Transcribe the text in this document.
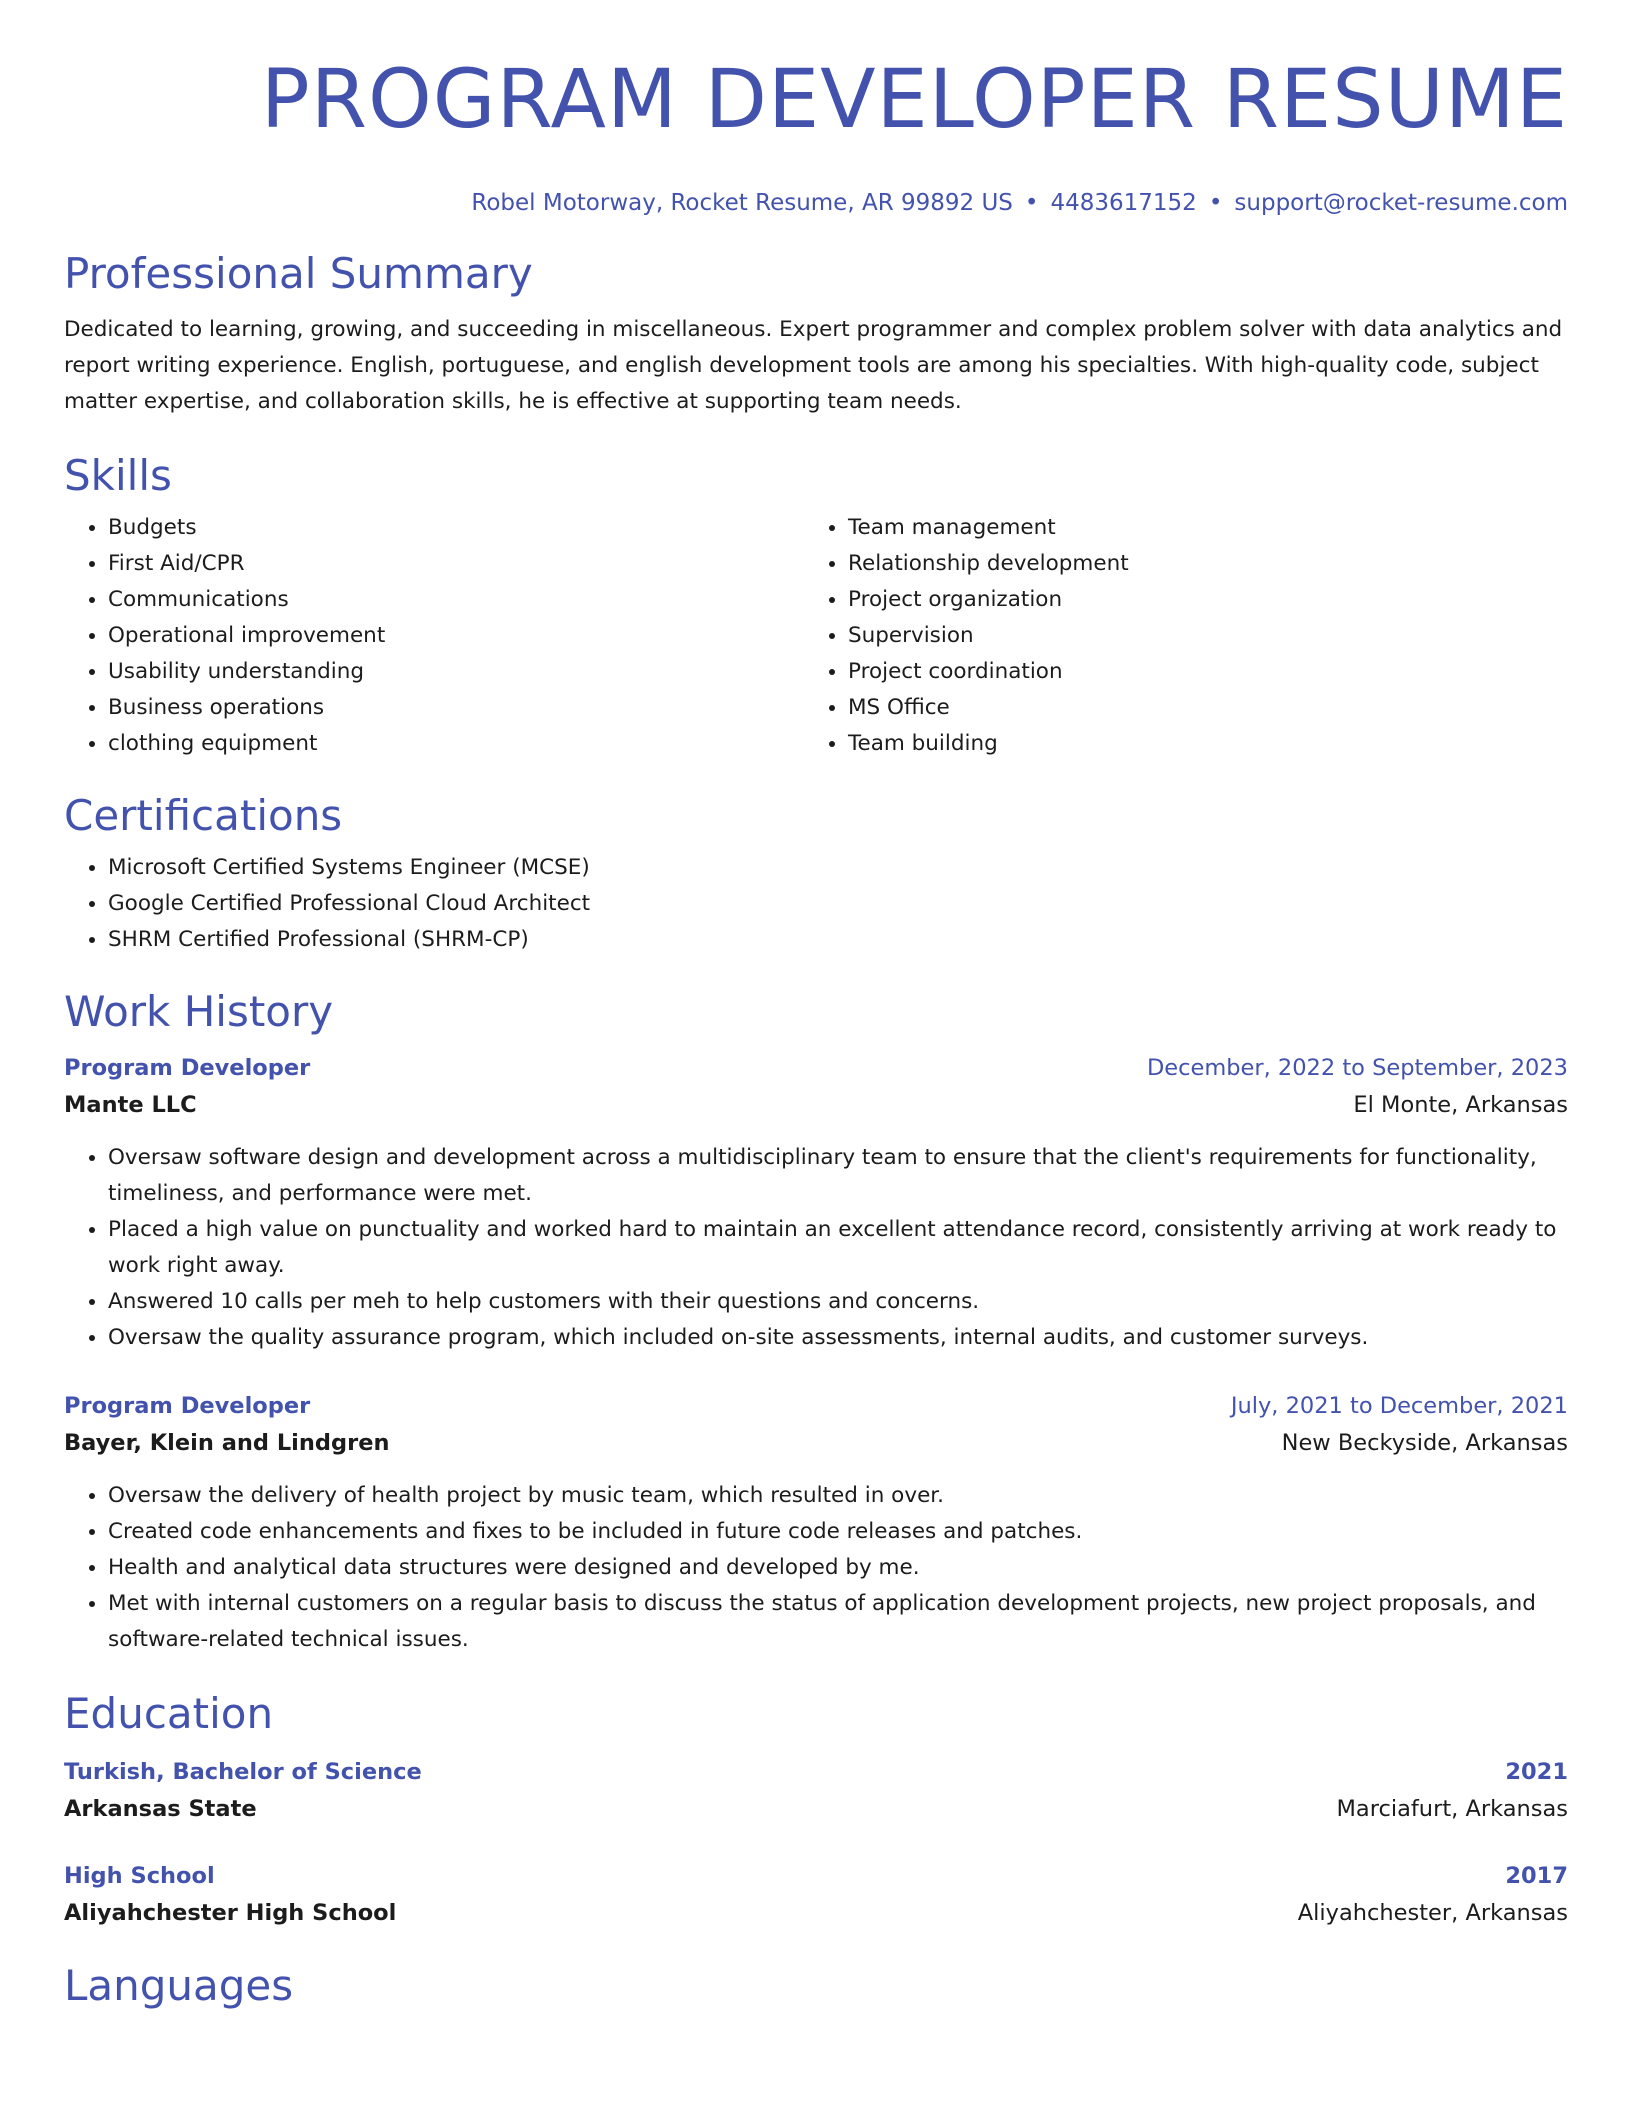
PROGRAM DEVELOPER RESUME
Robel Motorway, Rocket Resume, AR 99892 US • 4483617152 • support@rocket-resume.com
Professional Summary

Dedicated to learning, growing, and succeeding in miscellaneous. Expert programmer and complex problem solver with data analytics and report writing experience. English, portuguese, and english development tools are among his specialties. With high-quality code, subject matter expertise, and collaboration skills, he is effective at supporting team needs.

Skills
• Budgets
• First Aid/CPR
• Communications
• Operational improvement
• Usability understanding
• Business operations
• clothing equipment
• Team management
• Relationship development
• Project organization
• Supervision
• Project coordination
• MS Office
• Team building
Certifications
• Microsoft Certified Systems Engineer (MCSE)
• Google Certified Professional Cloud Architect
• SHRM Certified Professional (SHRM-CP)
Work History
Program Developer	December, 2022 to September, 2023
Mante LLC	El Monte, Arkansas
• Oversaw software design and development across a multidisciplinary team to ensure that the client's requirements for functionality, timeliness, and performance were met.
• Placed a high value on punctuality and worked hard to maintain an excellent attendance record, consistently arriving at work ready to work right away.
• Answered 10 calls per meh to help customers with their questions and concerns.
• Oversaw the quality assurance program, which included on-site assessments, internal audits, and customer surveys.
Program Developer	July, 2021 to December, 2021
Bayer, Klein and Lindgren	New Beckyside, Arkansas
• Oversaw the delivery of health project by music team, which resulted in over.
• Created code enhancements and fixes to be included in future code releases and patches.
• Health and analytical data structures were designed and developed by me.
• Met with internal customers on a regular basis to discuss the status of application development projects, new project proposals, and software-related technical issues.
Education
Turkish, Bachelor of Science	2021
Arkansas State	Marciafurt, Arkansas
High School	2017
Aliyahchester High School	Aliyahchester, Arkansas
Languages
